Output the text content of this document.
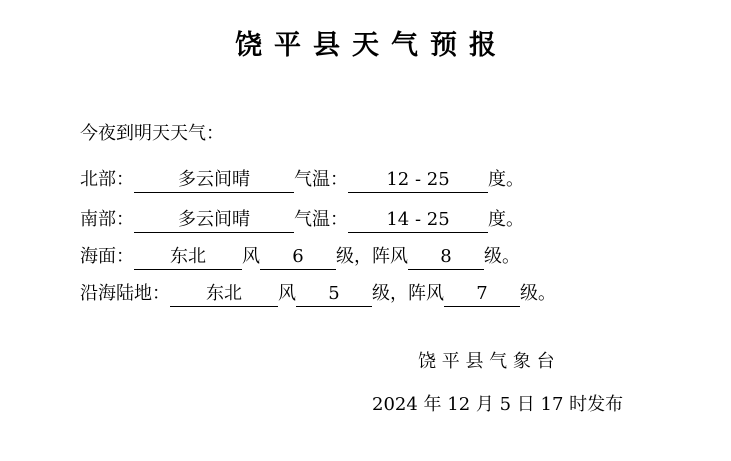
饶平县天气预报
今夜到明天天气：
北部：	多云间晴	气温：	12 - 25	度。
南部：	多云间晴	气温：	14 - 25	度。
海面：	东北	风	6	级，阵风	8	级。
沿海陆地：	东北	风	5	级，阵风	7	级。
饶 平 县 气 象 台
2024 年 12 月 5 日 17 时发布
